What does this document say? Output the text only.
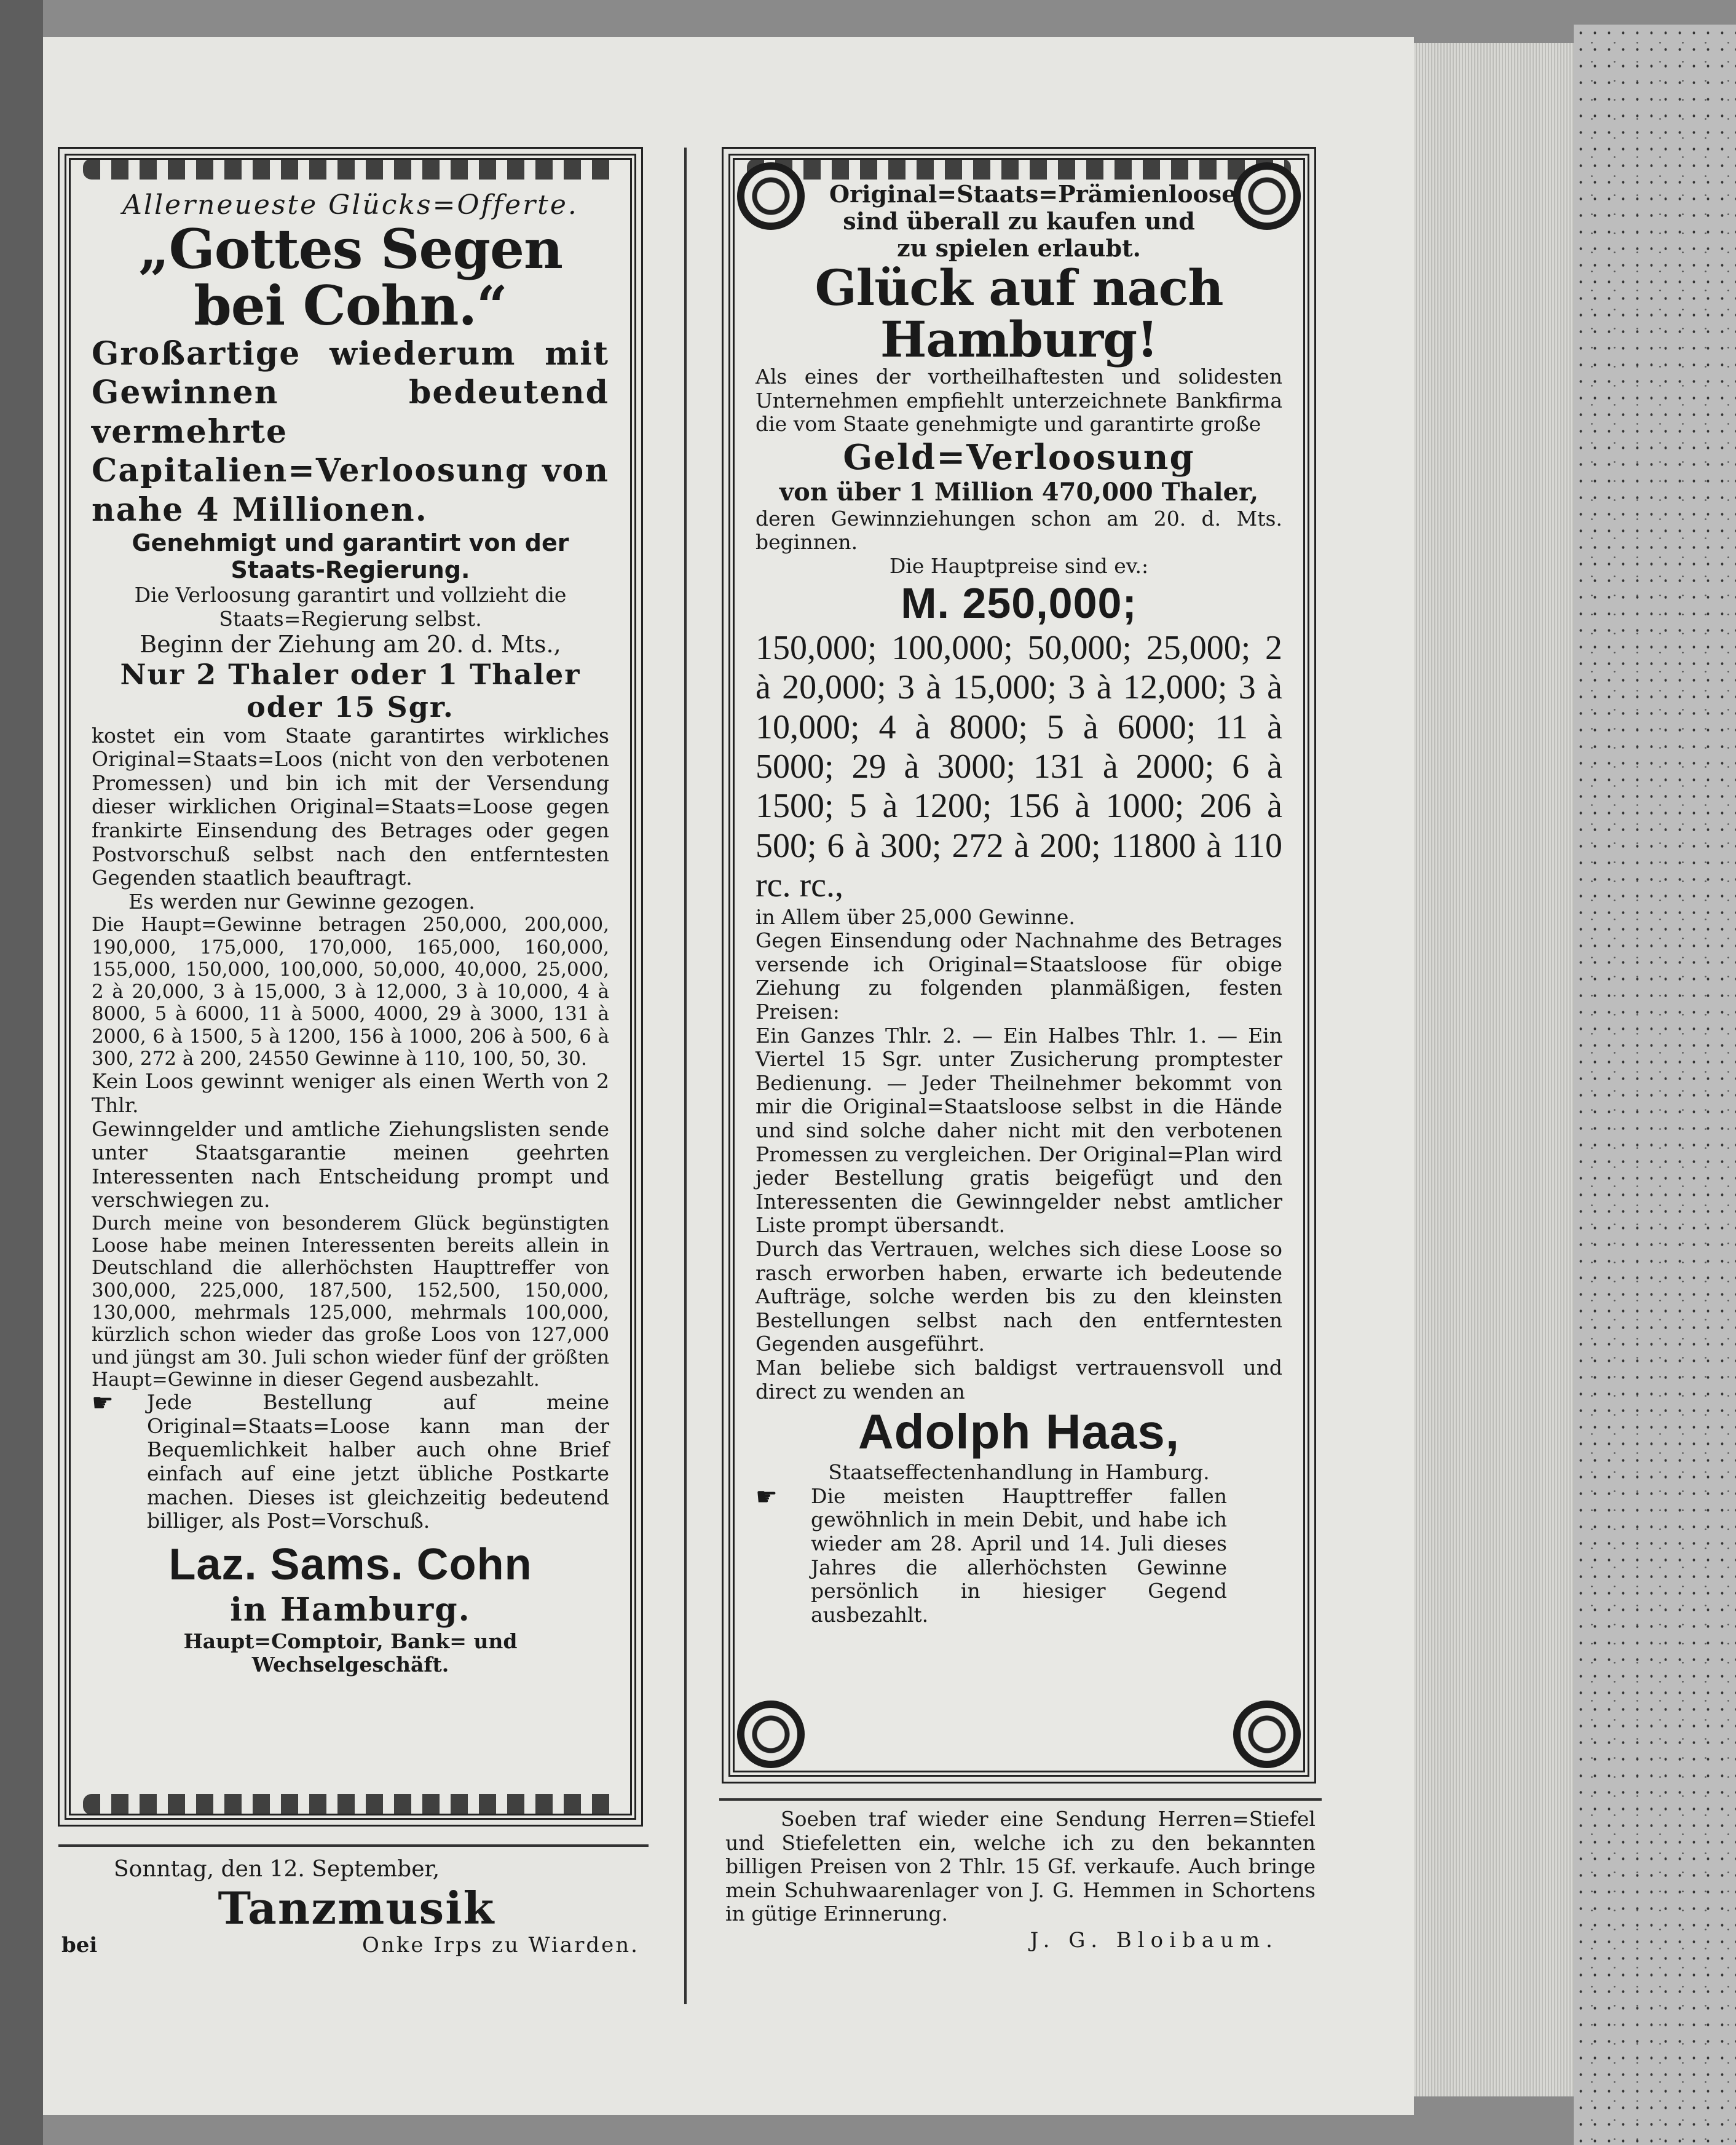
Allerneueste Glücks=Offerte.

„Gottes Segen bei Cohn.“

Großartige wiederum mit Gewinnen bedeutend vermehrte Capitalien=Verloosung von nahe 4 Millionen.

Genehmigt und garantirt von der Staats-Regierung.

Die Verloosung garantirt und vollzieht die Staats=Regierung selbst.

Beginn der Ziehung am 20. d. Mts.,

Nur 2 Thaler oder 1 Thaler oder 15 Sgr.

kostet ein vom Staate garantirtes wirkliches Original=Staats=Loos (nicht von den verbotenen Promessen) und bin ich mit der Versendung dieser wirklichen Original=Staats=Loose gegen frankirte Einsendung des Betrages oder gegen Postvorschuß selbst nach den entferntesten Gegenden staatlich beauftragt.

Es werden nur Gewinne gezogen.

Die Haupt=Gewinne betragen 250,000, 200,000, 190,000, 175,000, 170,000, 165,000, 160,000, 155,000, 150,000, 100,000, 50,000, 40,000, 25,000, 2 à 20,000, 3 à 15,000, 3 à 12,000, 3 à 10,000, 4 à 8000, 5 à 6000, 11 à 5000, 4000, 29 à 3000, 131 à 2000, 6 à 1500, 5 à 1200, 156 à 1000, 206 à 500, 6 à 300, 272 à 200, 24550 Gewinne à 110, 100, 50, 30.

Kein Loos gewinnt weniger als einen Werth von 2 Thlr.

Gewinngelder und amtliche Ziehungslisten sende unter Staatsgarantie meinen geehrten Interessenten nach Entscheidung prompt und verschwiegen zu.

Durch meine von besonderem Glück begünstigten Loose habe meinen Interessenten bereits allein in Deutschland die allerhöchsten Haupttreffer von 300,000, 225,000, 187,500, 152,500, 150,000, 130,000, mehrmals 125,000, mehrmals 100,000, kürzlich schon wieder das große Loos von 127,000 und jüngst am 30. Juli schon wieder fünf der größten Haupt=Gewinne in dieser Gegend ausbezahlt.

☛	Jede Bestellung auf meine Original=Staats=Loose kann man der Bequemlichkeit halber auch ohne Brief einfach auf eine jetzt übliche Postkarte machen. Dieses ist gleichzeitig bedeutend billiger, als Post=Vorschuß.

Laz. Sams. Cohn

in Hamburg.

Haupt=Comptoir, Bank= und Wechselgeschäft.

Original=Staats=Prämienloose sind überall zu kaufen und zu spielen erlaubt.

Glück auf nach Hamburg!

Als eines der vortheilhaftesten und solidesten Unternehmen empfiehlt unterzeichnete Bankfirma die vom Staate genehmigte und garantirte große

Geld=Verloosung

von über 1 Million 470,000 Thaler,

deren Gewinnziehungen schon am 20. d. Mts. beginnen.

Die Hauptpreise sind ev.:

M. 250,000;

150,000; 100,000; 50,000; 25,000; 2 à 20,000; 3 à 15,000; 3 à 12,000; 3 à 10,000; 4 à 8000; 5 à 6000; 11 à 5000; 29 à 3000; 131 à 2000; 6 à 1500; 5 à 1200; 156 à 1000; 206 à 500; 6 à 300; 272 à 200; 11800 à 110 rc. rc.,

in Allem über 25,000 Gewinne.

Gegen Einsendung oder Nachnahme des Betrages versende ich Original=Staatsloose für obige Ziehung zu folgenden planmäßigen, festen Preisen:

Ein Ganzes Thlr. 2. — Ein Halbes Thlr. 1. — Ein Viertel 15 Sgr. unter Zusicherung promptester Bedienung. — Jeder Theilnehmer bekommt von mir die Original=Staatsloose selbst in die Hände und sind solche daher nicht mit den verbotenen Promessen zu vergleichen. Der Original=Plan wird jeder Bestellung gratis beigefügt und den Interessenten die Gewinngelder nebst amtlicher Liste prompt übersandt.

Durch das Vertrauen, welches sich diese Loose so rasch erworben haben, erwarte ich bedeutende Aufträge, solche werden bis zu den kleinsten Bestellungen selbst nach den entferntesten Gegenden ausgeführt.

Man beliebe sich baldigst vertrauensvoll und direct zu wenden an

Adolph Haas,

Staatseffectenhandlung in Hamburg.

☛	Die meisten Haupttreffer fallen gewöhnlich in mein Debit, und habe ich wieder am 28. April und 14. Juli dieses Jahres die allerhöchsten Gewinne persönlich in hiesiger Gegend ausbezahlt.

Sonntag, den 12. September,

Tanzmusik

bei	Onke Irps zu Wiarden.

Soeben traf wieder eine Sendung Herren=Stiefel und Stiefeletten ein, welche ich zu den bekannten billigen Preisen von 2 Thlr. 15 Gf. verkaufe. Auch bringe mein Schuhwaarenlager von J. G. Hemmen in Schortens in gütige Erinnerung.

J. G. Bloibaum.
